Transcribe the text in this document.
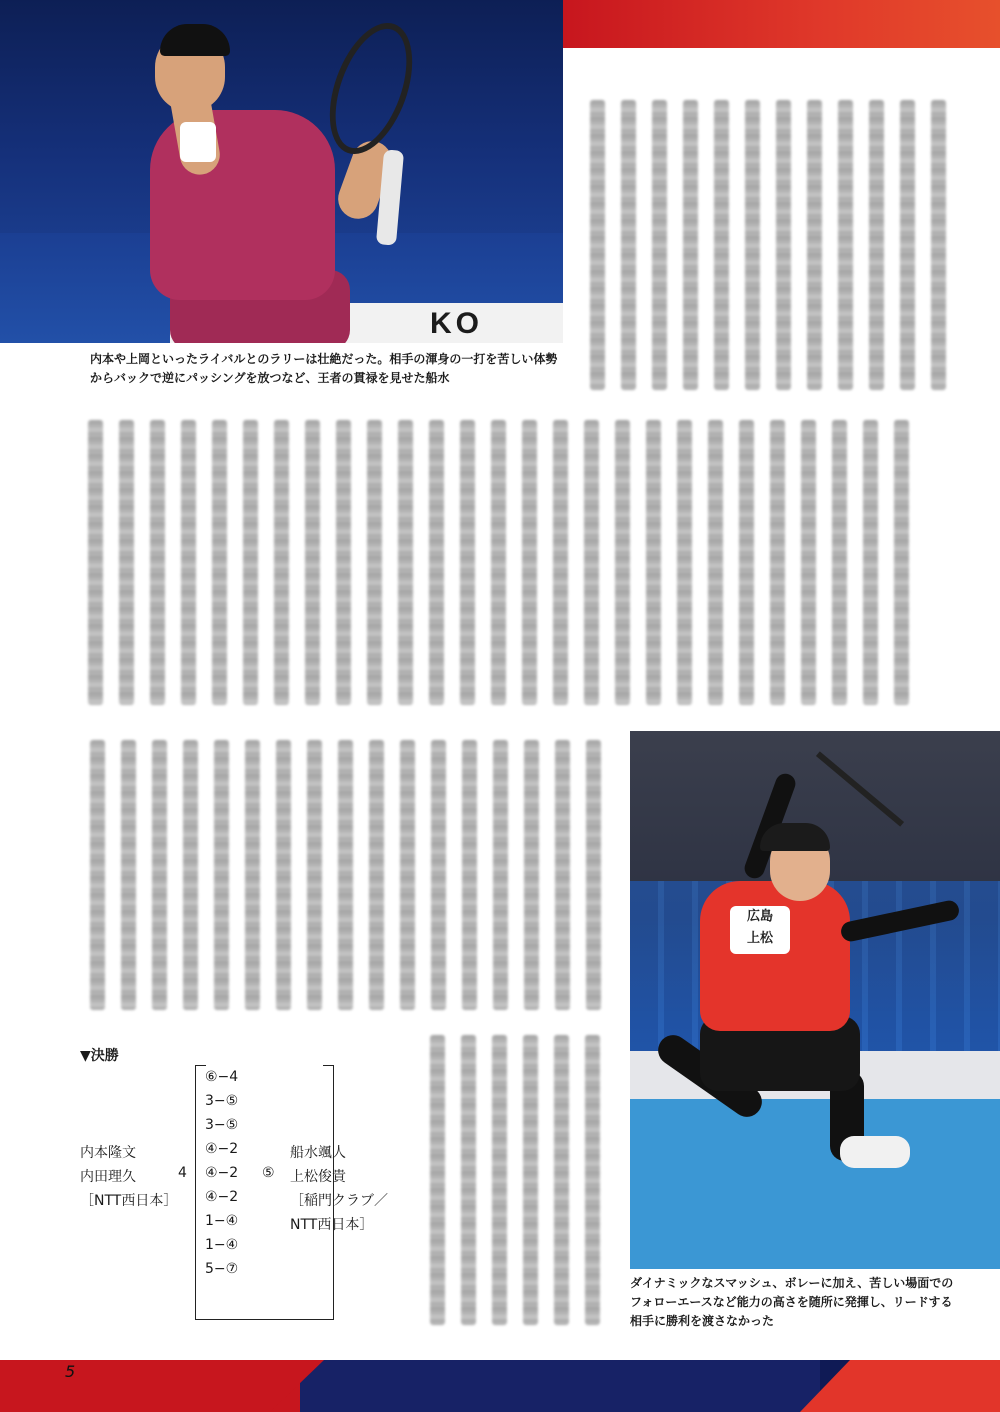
KO
内本や上岡といったライバルとのラリーは壮絶だった。相手の渾身の一打を苦しい体勢からバックで逆にパッシングを放つなど、王者の貫禄を見せた船水
広島
上松
ダイナミックなスマッシュ、ボレーに加え、苦しい場面でのフォローエースなど能力の高さを随所に発揮し、リードする相手に勝利を渡さなかった
▼決勝
⑥−4
3−⑤
3−⑤
④−2
④−2
④−2
1−④
1−④
5−⑦
内本隆文
内田理久
［NTT西日本］
4	⑤
船水颯人
上松俊貴
［稲門クラブ／
NTT西日本］
5
